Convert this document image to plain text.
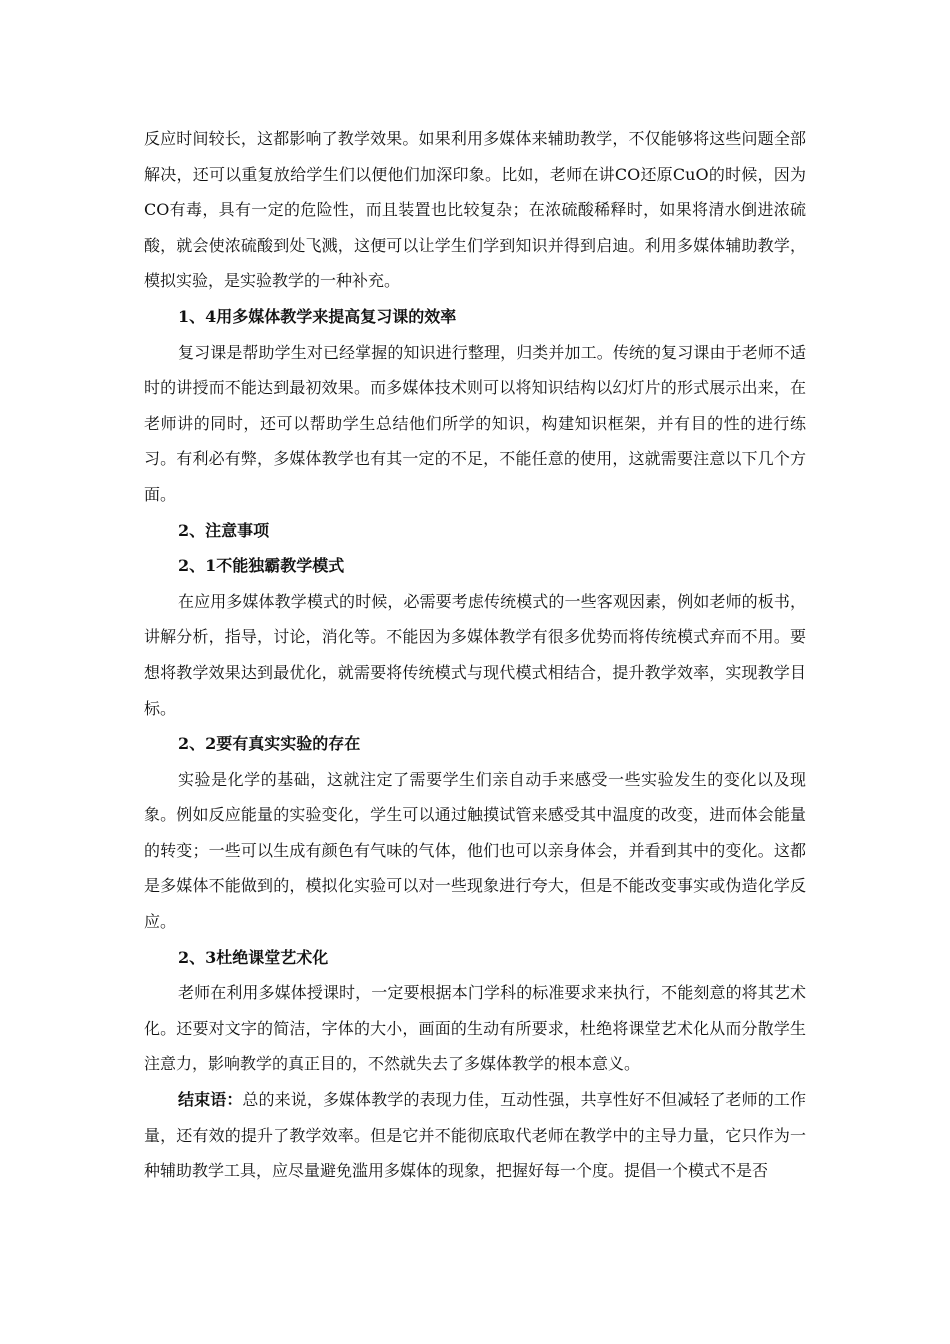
反应时间较长，这都影响了教学效果。如果利用多媒体来辅助教学，不仅能够将这些问题全部解决，还可以重复放给学生们以便他们加深印象。比如，老师在讲CO还原CuO的时候，因为CO有毒，具有一定的危险性，而且装置也比较复杂；在浓硫酸稀释时，如果将清水倒进浓硫酸，就会使浓硫酸到处飞溅，这便可以让学生们学到知识并得到启迪。利用多媒体辅助教学，模拟实验，是实验教学的一种补充。

1、4用多媒体教学来提高复习课的效率

复习课是帮助学生对已经掌握的知识进行整理，归类并加工。传统的复习课由于老师不适时的讲授而不能达到最初效果。而多媒体技术则可以将知识结构以幻灯片的形式展示出来，在老师讲的同时，还可以帮助学生总结他们所学的知识，构建知识框架，并有目的性的进行练习。有利必有弊，多媒体教学也有其一定的不足，不能任意的使用，这就需要注意以下几个方面。

2、注意事项

2、1不能独霸教学模式

在应用多媒体教学模式的时候，必需要考虑传统模式的一些客观因素，例如老师的板书，讲解分析，指导，讨论，消化等。不能因为多媒体教学有很多优势而将传统模式弃而不用。要想将教学效果达到最优化，就需要将传统模式与现代模式相结合，提升教学效率，实现教学目标。

2、2要有真实实验的存在

实验是化学的基础，这就注定了需要学生们亲自动手来感受一些实验发生的变化以及现象。例如反应能量的实验变化，学生可以通过触摸试管来感受其中温度的改变，进而体会能量的转变；一些可以生成有颜色有气味的气体，他们也可以亲身体会，并看到其中的变化。这都是多媒体不能做到的，模拟化实验可以对一些现象进行夸大，但是不能改变事实或伪造化学反应。

2、3杜绝课堂艺术化

老师在利用多媒体授课时，一定要根据本门学科的标准要求来执行，不能刻意的将其艺术化。还要对文字的简洁，字体的大小，画面的生动有所要求，杜绝将课堂艺术化从而分散学生注意力，影响教学的真正目的，不然就失去了多媒体教学的根本意义。

结束语：总的来说，多媒体教学的表现力佳，互动性强，共享性好不但减轻了老师的工作量，还有效的提升了教学效率。但是它并不能彻底取代老师在教学中的主导力量，它只作为一种辅助教学工具，应尽量避免滥用多媒体的现象，把握好每一个度。提倡一个模式不是否
